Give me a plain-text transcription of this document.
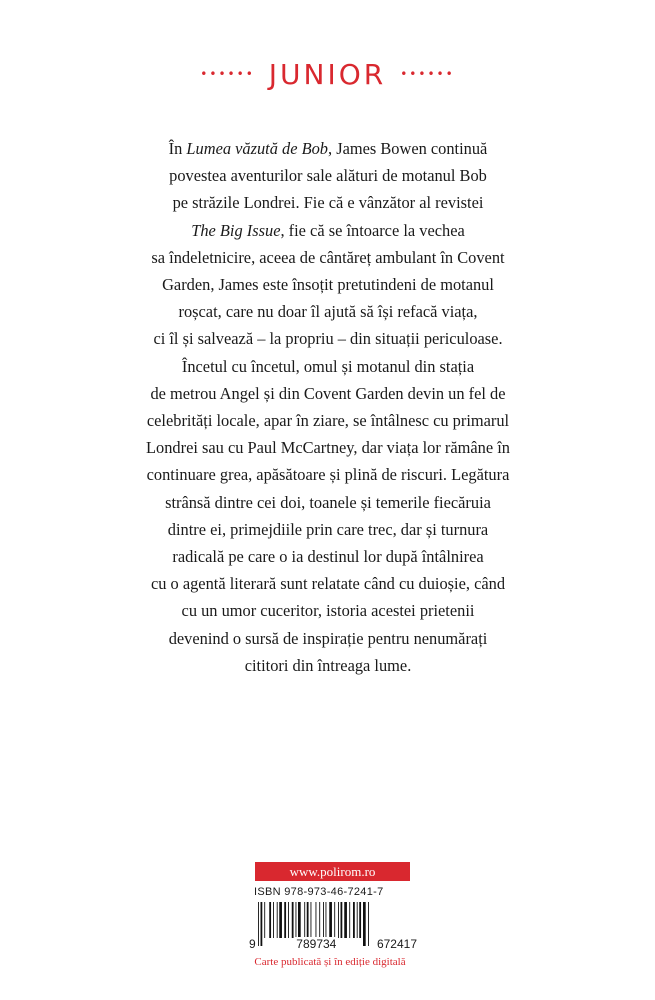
•••••• JUNIOR ••••••
În Lumea văzută de Bob, James Bowen continuă
povestea aventurilor sale alături de motanul Bob
pe străzile Londrei. Fie că e vânzător al revistei
The Big Issue, fie că se întoarce la vechea
sa îndeletnicire, aceea de cântăreț ambulant în Covent
Garden, James este însoțit pretutindeni de motanul
roșcat, care nu doar îl ajută să își refacă viața,
ci îl și salvează – la propriu – din situații periculoase.
Încetul cu încetul, omul și motanul din stația
de metrou Angel și din Covent Garden devin un fel de
celebrități locale, apar în ziare, se întâlnesc cu primarul
Londrei sau cu Paul McCartney, dar viața lor rămâne în
continuare grea, apăsătoare și plină de riscuri. Legătura
strânsă dintre cei doi, toanele și temerile fiecăruia
dintre ei, primejdiile prin care trec, dar și turnura
radicală pe care o ia destinul lor după întâlnirea
cu o agentă literară sunt relatate când cu duioșie, când
cu un umor cuceritor, istoria acestei prietenii
devenind o sursă de inspirație pentru nenumărați
cititori din întreaga lume.
www.polirom.ro
ISBN 978-973-46-7241-7
9	789734	672417
Carte publicată și în ediție digitală
